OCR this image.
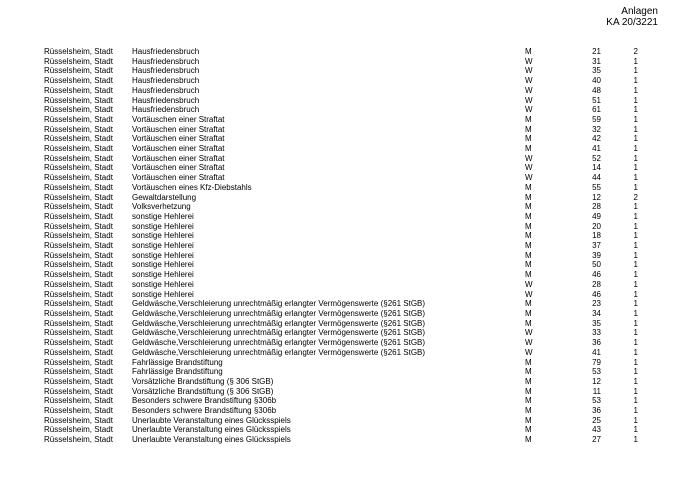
Anlagen
KA 20/3221
Rüsselsheim, Stadt	Hausfriedensbruch	M	21	2
Rüsselsheim, Stadt	Hausfriedensbruch	W	31	1
Rüsselsheim, Stadt	Hausfriedensbruch	W	35	1
Rüsselsheim, Stadt	Hausfriedensbruch	W	40	1
Rüsselsheim, Stadt	Hausfriedensbruch	W	48	1
Rüsselsheim, Stadt	Hausfriedensbruch	W	51	1
Rüsselsheim, Stadt	Hausfriedensbruch	W	61	1
Rüsselsheim, Stadt	Vortäuschen einer Straftat	M	59	1
Rüsselsheim, Stadt	Vortäuschen einer Straftat	M	32	1
Rüsselsheim, Stadt	Vortäuschen einer Straftat	M	42	1
Rüsselsheim, Stadt	Vortäuschen einer Straftat	M	41	1
Rüsselsheim, Stadt	Vortäuschen einer Straftat	W	52	1
Rüsselsheim, Stadt	Vortäuschen einer Straftat	W	14	1
Rüsselsheim, Stadt	Vortäuschen einer Straftat	W	44	1
Rüsselsheim, Stadt	Vortäuschen eines Kfz-Diebstahls	M	55	1
Rüsselsheim, Stadt	Gewaltdarstellung	M	12	2
Rüsselsheim, Stadt	Volksverhetzung	M	28	1
Rüsselsheim, Stadt	sonstige Hehlerei	M	49	1
Rüsselsheim, Stadt	sonstige Hehlerei	M	20	1
Rüsselsheim, Stadt	sonstige Hehlerei	M	18	1
Rüsselsheim, Stadt	sonstige Hehlerei	M	37	1
Rüsselsheim, Stadt	sonstige Hehlerei	M	39	1
Rüsselsheim, Stadt	sonstige Hehlerei	M	50	1
Rüsselsheim, Stadt	sonstige Hehlerei	M	46	1
Rüsselsheim, Stadt	sonstige Hehlerei	W	28	1
Rüsselsheim, Stadt	sonstige Hehlerei	W	46	1
Rüsselsheim, Stadt	Geldwäsche,Verschleierung unrechtmäßig erlangter Vermögenswerte (§261 StGB)	M	23	1
Rüsselsheim, Stadt	Geldwäsche,Verschleierung unrechtmäßig erlangter Vermögenswerte (§261 StGB)	M	34	1
Rüsselsheim, Stadt	Geldwäsche,Verschleierung unrechtmäßig erlangter Vermögenswerte (§261 StGB)	M	35	1
Rüsselsheim, Stadt	Geldwäsche,Verschleierung unrechtmäßig erlangter Vermögenswerte (§261 StGB)	W	33	1
Rüsselsheim, Stadt	Geldwäsche,Verschleierung unrechtmäßig erlangter Vermögenswerte (§261 StGB)	W	36	1
Rüsselsheim, Stadt	Geldwäsche,Verschleierung unrechtmäßig erlangter Vermögenswerte (§261 StGB)	W	41	1
Rüsselsheim, Stadt	Fahrlässige Brandstiftung	M	79	1
Rüsselsheim, Stadt	Fahrlässige Brandstiftung	M	53	1
Rüsselsheim, Stadt	Vorsätzliche Brandstiftung (§ 306 StGB)	M	12	1
Rüsselsheim, Stadt	Vorsätzliche Brandstiftung (§ 306 StGB)	M	11	1
Rüsselsheim, Stadt	Besonders schwere Brandstiftung §306b	M	53	1
Rüsselsheim, Stadt	Besonders schwere Brandstiftung §306b	M	36	1
Rüsselsheim, Stadt	Unerlaubte Veranstaltung eines Glücksspiels	M	25	1
Rüsselsheim, Stadt	Unerlaubte Veranstaltung eines Glücksspiels	M	43	1
Rüsselsheim, Stadt	Unerlaubte Veranstaltung eines Glücksspiels	M	27	1
